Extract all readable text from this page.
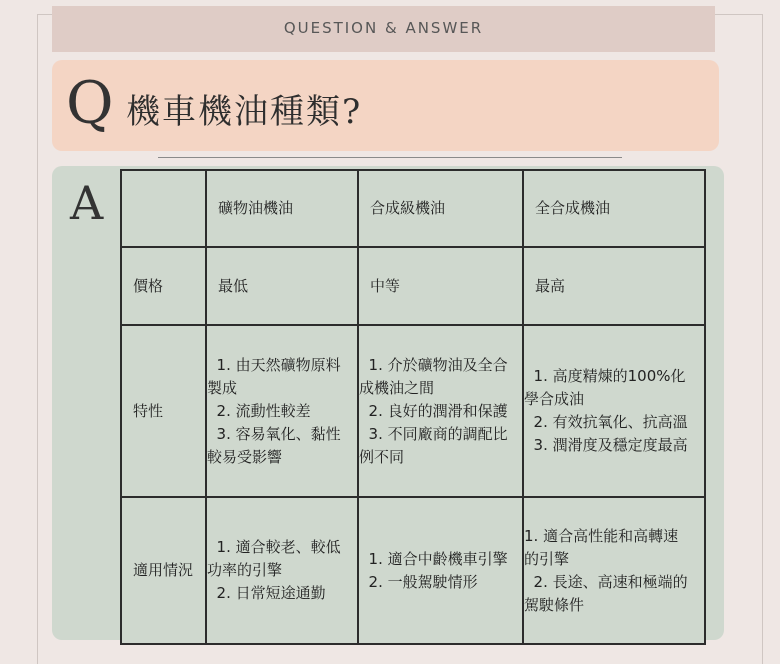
QUESTION & ANSWER
Q 機車機油種類?
A
		礦物油機油	合成級機油	全合成機油
價格	最低	中等	最高
特性	1. 由天然礦物原料
製成
2. 流動性較差
3. 容易氧化、黏性
較易受影響	1. 介於礦物油及全合
成機油之間
2. 良好的潤滑和保護
3. 不同廠商的調配比
例不同	1. 高度精煉的100%化
學合成油
2. 有效抗氧化、抗高溫
3. 潤滑度及穩定度最高

適用情況	1. 適合較老、較低
功率的引擎
2. 日常短途通勤	1. 適合中齡機車引擎
2. 一般駕駛情形	1. 適合高性能和高轉速
的引擎
2. 長途、高速和極端的
駕駛條件
